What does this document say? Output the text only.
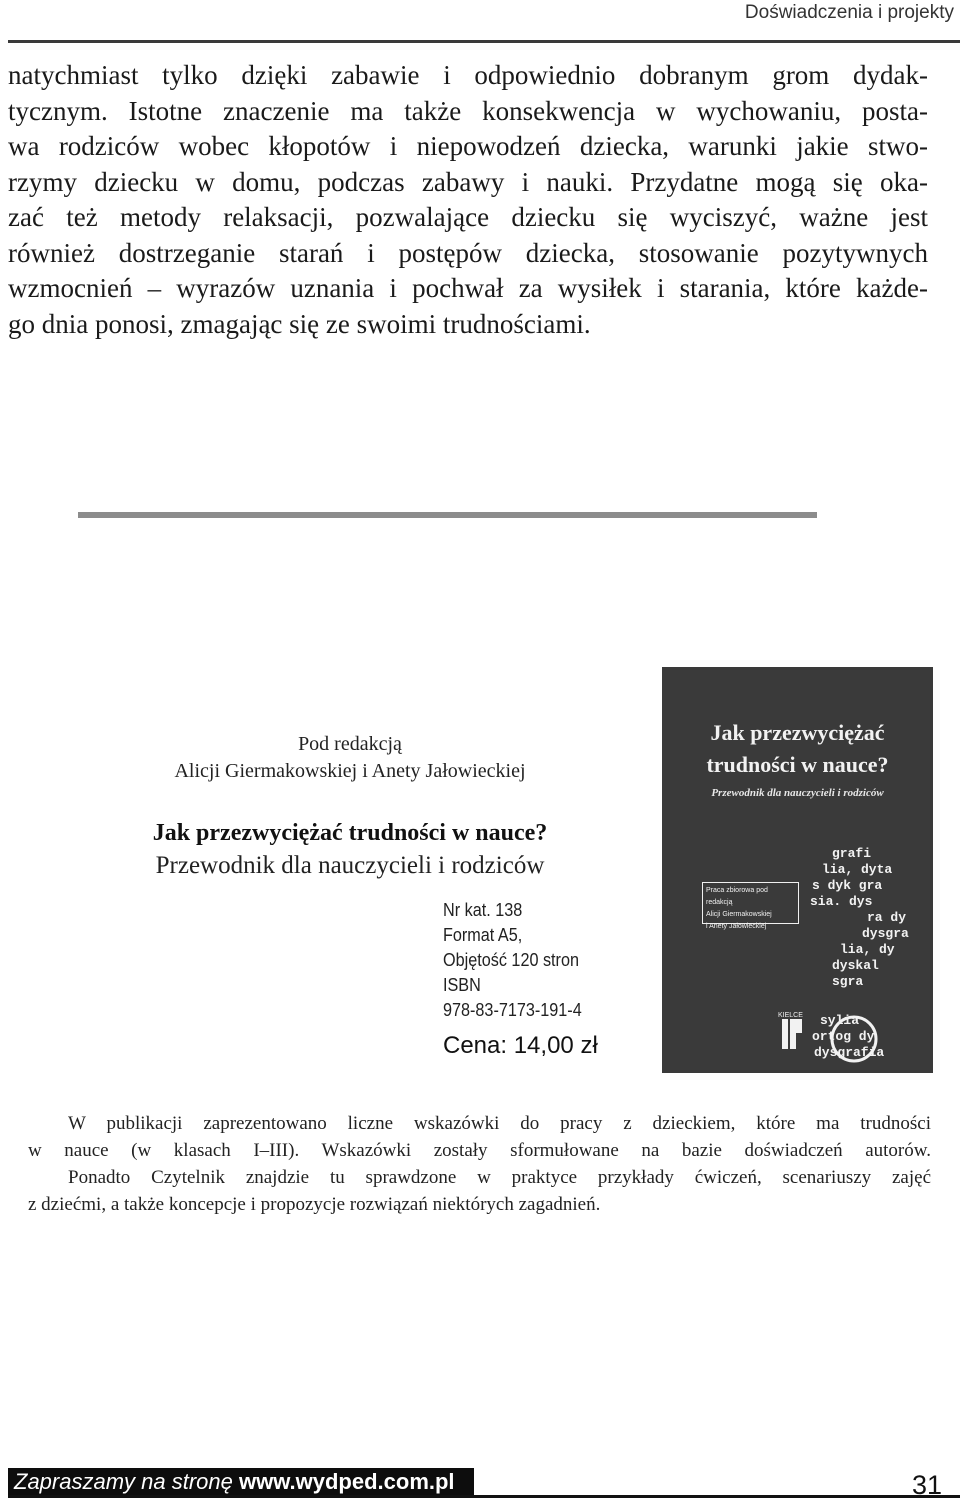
Doświadczenia i projekty
natychmiast tylko dzięki zabawie i odpowiednio dobranym grom dydak-
tycznym. Istotne znaczenie ma także konsekwencja w wychowaniu, posta-
wa rodziców wobec kłopotów i niepowodzeń dziecka, warunki jakie stwo-
rzymy dziecku w domu, podczas zabawy i nauki. Przydatne mogą się oka-
zać też metody relaksacji, pozwalające dziecku się wyciszyć, ważne jest
również dostrzeganie starań i postępów dziecka, stosowanie pozytywnych
wzmocnień – wyrazów uznania i pochwał za wysiłek i starania, które każde-
go dnia ponosi, zmagając się ze swoimi trudnościami.
Pod redakcją
Alicji Giermakowskiej i Anety Jałowieckiej
Jak przezwyciężać trudności w nauce?
Przewodnik dla nauczycieli i rodziców
Nr kat. 138
Format A5,
Objętość 120 stron
ISBN
978-83-7173-191-4
Cena: 14,00 zł
grafi
lia, dyta
s dyk gra
sia. dys
ra dy
dysgra
lia, dy
dyskal
sgra
sylia
ortog dy
dysgrafia
Jak przezwyciężać
trudności w nauce?
Przewodnik dla nauczycieli i rodziców
Praca zbiorowa pod redakcją
Alicji Giermakowskiej
i Anety Jałowieckiej
KIELCE
W publikacji zaprezentowano liczne wskazówki do pracy z dzieckiem, które ma trudności
w nauce (w klasach I–III). Wskazówki zostały sformułowane na bazie doświadczeń autorów.
Ponadto Czytelnik znajdzie tu sprawdzone w praktyce przykłady ćwiczeń, scenariuszy zajęć
z dziećmi, a także koncepcje i propozycje rozwiązań niektórych zagadnień.
Zapraszamy na stronę www.wydped.com.pl	31
